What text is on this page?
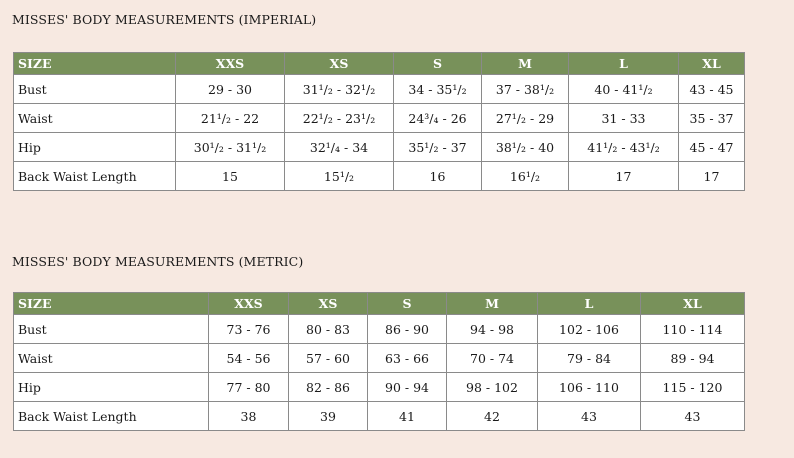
MISSES' BODY MEASUREMENTS (IMPERIAL)
SIZE	XXS	XS	S	M	L	XL
Bust	29 - 30	31¹/₂ - 32¹/₂	34 - 35¹/₂	37 - 38¹/₂	40 - 41¹/₂	43 - 45
Waist	21¹/₂ - 22	22¹/₂ - 23¹/₂	24³/₄ - 26	27¹/₂ - 29	31 - 33	35 - 37
Hip	30¹/₂ - 31¹/₂	32¹/₄ - 34	35¹/₂ - 37	38¹/₂ - 40	41¹/₂ - 43¹/₂	45 - 47
Back Waist Length	15	15¹/₂	16	16¹/₂	17	17
MISSES' BODY MEASUREMENTS (METRIC)
SIZE	XXS	XS	S	M	L	XL
Bust	73 - 76	80 - 83	86 - 90	94 - 98	102 - 106	110 - 114
Waist	54 - 56	57 - 60	63 - 66	70 - 74	79 - 84	89 - 94
Hip	77 - 80	82 - 86	90 - 94	98 - 102	106 - 110	115 - 120
Back Waist Length	38	39	41	42	43	43
